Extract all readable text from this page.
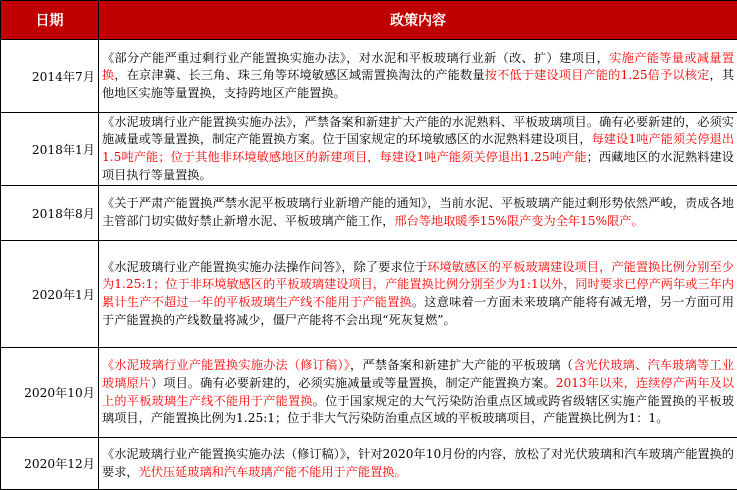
日期	政策内容
2014年7月	《部分产能严重过剩行业产能置换实施办法》，对水泥和平板玻璃行业新（改、扩）建项目，实施产能等量或减量置换，在京津冀、长三角、珠三角等环境敏感区域需置换淘汰的产能数量按不低于建设项目产能的1.25倍予以核定，其他地区实施等量置换，支持跨地区产能置换。
2018年1月	《水泥玻璃行业产能置换实施办法》，严禁备案和新建扩大产能的水泥熟料、平板玻璃项目。确有必要新建的，必须实施减量或等量置换，制定产能置换方案。位于国家规定的环境敏感区的水泥熟料建设项目，每建设1吨产能须关停退出1.5吨产能；位于其他非环境敏感地区的新建项目，每建设1吨产能须关停退出1.25吨产能；西藏地区的水泥熟料建设项目执行等量置换。
2018年8月	《关于严肃产能置换严禁水泥平板玻璃行业新增产能的通知》，当前水泥、平板玻璃产能过剩形势依然严峻，责成各地主管部门切实做好禁止新增水泥、平板玻璃产能工作，邢台等地取暖季15%限产变为全年15%限产。
2020年1月	《水泥玻璃行业产能置换实施办法操作问答》，除了要求位于环境敏感区的平板玻璃建设项目，产能置换比例分别至少为1.25:1；位于非环境敏感区的平板玻璃建设项目，产能置换比例分别至少为1:1以外，同时要求已停产两年或三年内累计生产不超过一年的平板玻璃生产线不能用于产能置换。这意味着一方面未来玻璃产能将有减无增，另一方面可用于产能置换的产线数量将减少，僵尸产能将不会出现“死灰复燃”。
2020年10月	《水泥玻璃行业产能置换实施办法（修订稿）》，严禁备案和新建扩大产能的平板玻璃（含光伏玻璃、汽车玻璃等工业玻璃原片）项目。确有必要新建的，必须实施减量或等量置换，制定产能置换方案。2013年以来，连续停产两年及以上的平板玻璃生产线不能用于产能置换。位于国家规定的大气污染防治重点区域或跨省级辖区实施产能置换的平板玻璃项目，产能置换比例为1.25:1；位于非大气污染防治重点区域的平板玻璃项目，产能置换比例为1：1。
2020年12月	《水泥玻璃行业产能置换实施办法（修订稿）》，针对2020年10月份的内容，放松了对光伏玻璃和汽车玻璃产能置换的要求，光伏压延玻璃和汽车玻璃产能不能用于产能置换。
